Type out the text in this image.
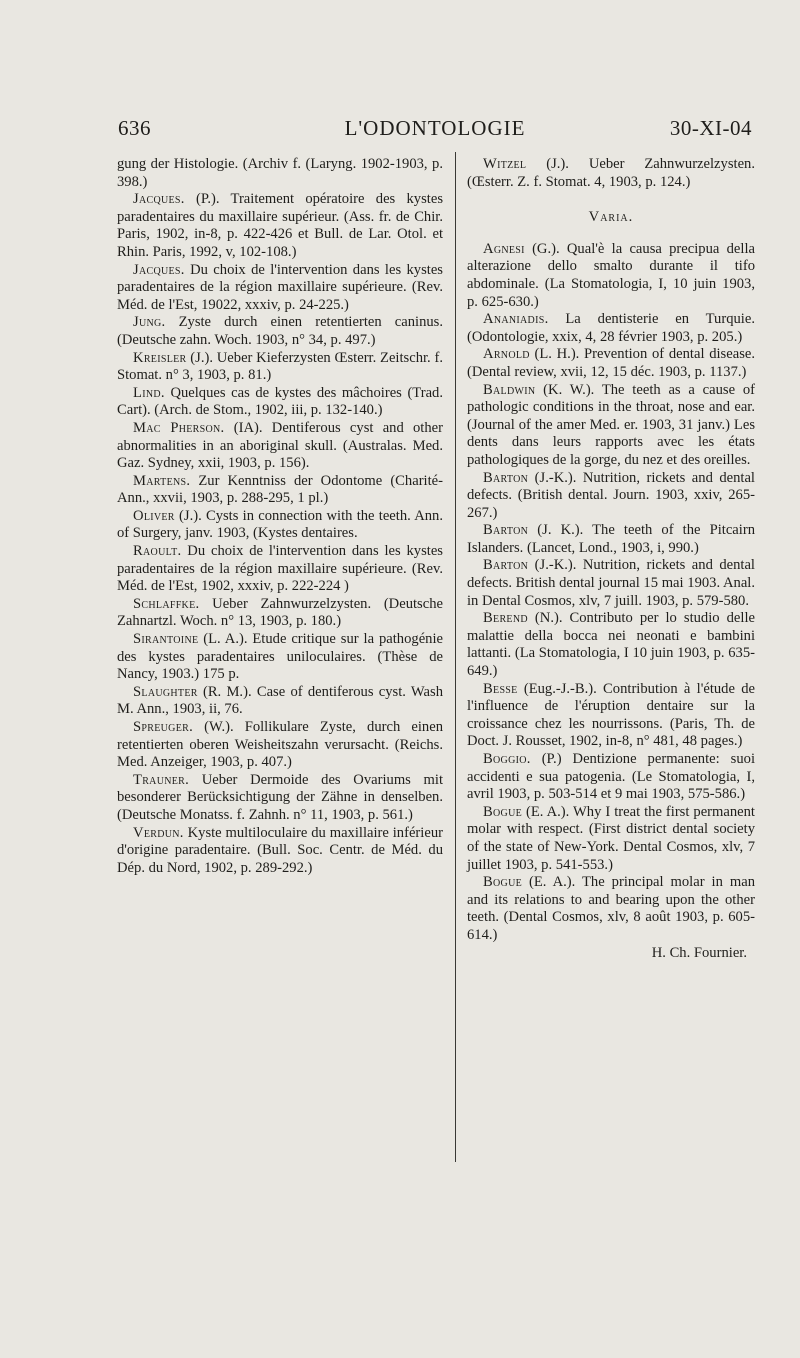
636	L'ODONTOLOGIE	30-XI-04

gung der Histologie. (Archiv f. (Laryng. 1902-1903, p. 398.)

Jacques. (P.). Traitement opératoire des kystes paradentaires du maxillaire supérieur. (Ass. fr. de Chir. Paris, 1902, in-8, p. 422-426 et Bull. de Lar. Otol. et Rhin. Paris, 1992, v, 102-108.)

Jacques. Du choix de l'intervention dans les kystes paradentaires de la région maxillaire supérieure. (Rev. Méd. de l'Est, 19022, xxxiv, p. 24-225.)

Jung. Zyste durch einen retentierten caninus. (Deutsche zahn. Woch. 1903, n° 34, p. 497.)

Kreisler (J.). Ueber Kieferzysten Œsterr. Zeitschr. f. Stomat. n° 3, 1903, p. 81.)

Lind. Quelques cas de kystes des mâchoires (Trad. Cart). (Arch. de Stom., 1902, iii, p. 132-140.)

Mac Pherson. (IA). Dentiferous cyst and other abnormalities in an aboriginal skull. (Australas. Med. Gaz. Sydney, xxii, 1903, p. 156).

Martens. Zur Kenntniss der Odontome (Charité-Ann., xxvii, 1903, p. 288-295, 1 pl.)

Oliver (J.). Cysts in connection with the teeth. Ann. of Surgery, janv. 1903, (Kystes dentaires.

Raoult. Du choix de l'intervention dans les kystes paradentaires de la région maxillaire supérieure. (Rev. Méd. de l'Est, 1902, xxxiv, p. 222-224 )

Schlaffke. Ueber Zahnwurzelzysten. (Deutsche Zahnartzl. Woch. n° 13, 1903, p. 180.)

Sirantoine (L. A.). Etude critique sur la pathogénie des kystes paradentaires uniloculaires. (Thèse de Nancy, 1903.) 175 p.

Slaughter (R. M.). Case of dentiferous cyst. Wash M. Ann., 1903, ii, 76.

Spreuger. (W.). Follikulare Zyste, durch einen retentierten oberen Weisheitszahn verursacht. (Reichs. Med. Anzeiger, 1903, p. 407.)

Trauner. Ueber Dermoide des Ovariums mit besonderer Berücksichtigung der Zähne in denselben. (Deutsche Monatss. f. Zahnh. n° 11, 1903, p. 561.)

Verdun. Kyste multiloculaire du maxillaire inférieur d'origine paradentaire. (Bull. Soc. Centr. de Méd. du Dép. du Nord, 1902, p. 289-292.)

Witzel (J.). Ueber Zahnwurzelzysten. (Œsterr. Z. f. Stomat. 4, 1903, p. 124.)

Varia.

Agnesi (G.). Qual'è la causa precipua della alterazione dello smalto durante il tifo abdominale. (La Stomatologia, I, 10 juin 1903, p. 625-630.)

Ananiadis. La dentisterie en Turquie. (Odontologie, xxix, 4, 28 février 1903, p. 205.)

Arnold (L. H.). Prevention of dental disease. (Dental review, xvii, 12, 15 déc. 1903, p. 1137.)

Baldwin (K. W.). The teeth as a cause of pathologic conditions in the throat, nose and ear. (Journal of the amer Med. er. 1903, 31 janv.) Les dents dans leurs rapports avec les états pathologiques de la gorge, du nez et des oreilles.

Barton (J.-K.). Nutrition, rickets and dental defects. (British dental. Journ. 1903, xxiv, 265-267.)

Barton (J. K.). The teeth of the Pitcairn Islanders. (Lancet, Lond., 1903, i, 990.)

Barton (J.-K.). Nutrition, rickets and dental defects. British dental journal 15 mai 1903. Anal. in Dental Cosmos, xlv, 7 juill. 1903, p. 579-580.

Berend (N.). Contributo per lo studio delle malattie della bocca nei neonati e bambini lattanti. (La Stomatologia, I 10 juin 1903, p. 635-649.)

Besse (Eug.-J.-B.). Contribution à l'étude de l'influence de l'éruption dentaire sur la croissance chez les nourrissons. (Paris, Th. de Doct. J. Rousset, 1902, in-8, n° 481, 48 pages.)

Boggio. (P.) Dentizione permanente: suoi accidenti e sua patogenia. (Le Stomatologia, I, avril 1903, p. 503-514 et 9 mai 1903, 575-586.)

Bogue (E. A.). Why I treat the first permanent molar with respect. (First district dental society of the state of New-York. Dental Cosmos, xlv, 7 juillet 1903, p. 541-553.)

Bogue (E. A.). The principal molar in man and its relations to and bearing upon the other teeth. (Dental Cosmos, xlv, 8 août 1903, p. 605-614.)

H. Ch. Fournier.
